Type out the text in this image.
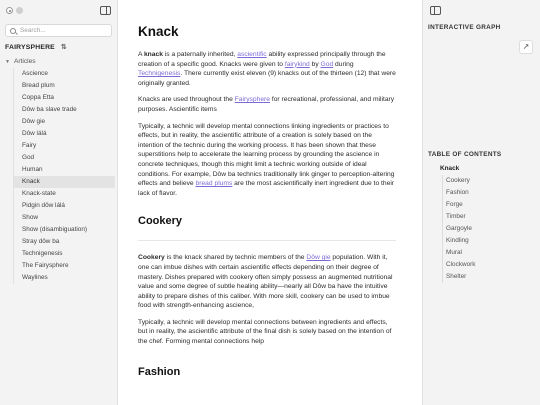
Search...
FAIRYSPHERE ⇅
▼ Articles
Ascience
Bread plum
Coppa Etta
Dôw ba slave trade
Dôw gie
Dôw lálá
Fairy
God
Human
Knack
Knack-state
Pidgin dôw lálá
Show
Show (disambiguation)
Stray dôw ba
Technigenesis
The Fairysphere
Waylines
Knack

A knack is a paternally inherited, ascientific ability expressed principally through the creation of a specific good. Knacks were given to fairykind by God during Technigenesis. There currently exist eleven (9) knacks out of the thirteen (12) that were originally granted.

Knacks are used throughout the Fairysphere for recreational, professional, and military purposes. Ascientific items

Typically, a technic will develop mental connections linking ingredients or practices to effects, but in reality, the ascientific attribute of a creation is solely based on the intention of the technic during the working process. It has been shown that these superstitions help to accelerate the learning process by grounding the ascience in concrete techniques, though this might limit a technic working outside of ideal conditions. For example, Dôw ba technics traditionally link ginger to perception-altering effects and believe bread plums are the most ascientifically inert ingredient due to their lack of flavor.

Cookery

Cookery is the knack shared by technic members of the Dôw gie population. With it, one can imbue dishes with certain ascientific effects depending on their degree of mastery. Dishes prepared with cookery often simply possess an augmented nutritional value and some degree of subtle healing ability—nearly all Dôw ba have the intuitive ability to prepare dishes of this caliber. With more skill, cookery can be used to imbue food with strength-enhancing ascience,

Typically, a technic will develop mental connections between ingredients and effects, but in reality, the ascientific attribute of the final dish is solely based on the intention of the chef. Forming mental connections help

Fashion
INTERACTIVE GRAPH
↗
TABLE OF CONTENTS
Knack
Cookery
Fashion
Forge
Timber
Gargoyle
Kindling
Mural
Clockwork
Shelter
